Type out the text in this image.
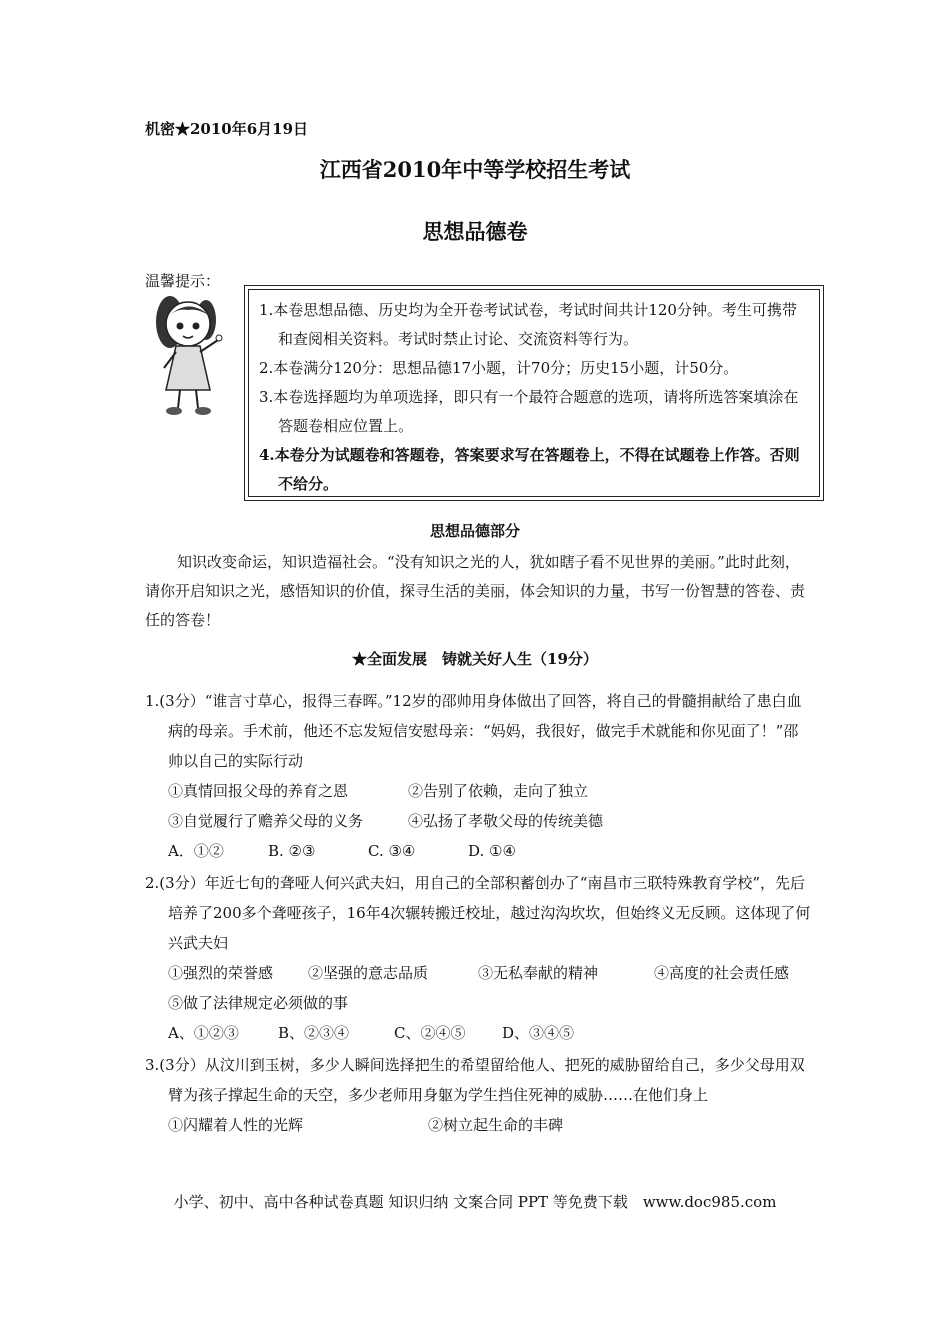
机密★2010年6月19日
江西省2010年中等学校招生考试
思想品德卷
温馨提示：
1.本卷思想品德、历史均为全开卷考试试卷，考试时间共计120分钟。考生可携带和查阅相关资料。考试时禁止讨论、交流资料等行为。
2.本卷满分120分：思想品德17小题，计70分；历史15小题，计50分。
3.本卷选择题均为单项选择，即只有一个最符合题意的选项，请将所选答案填涂在答题卷相应位置上。
4.本卷分为试题卷和答题卷，答案要求写在答题卷上，不得在试题卷上作答。否则不给分。
思想品德部分
知识改变命运，知识造福社会。“没有知识之光的人，犹如瞎子看不见世界的美丽。”此时此刻，请你开启知识之光，感悟知识的价值，探寻生活的美丽，体会知识的力量，书写一份智慧的答卷、责任的答卷！
★全面发展　铸就关好人生（19分）
1.(3分）“谁言寸草心，报得三春晖。”12岁的邵帅用身体做出了回答，将自己的骨髓捐献给了患白血病的母亲。手术前，他还不忘发短信安慰母亲：“妈妈，我很好，做完手术就能和你见面了！”邵帅以自己的实际行动
①真情回报父母的养育之恩	②告别了依赖，走向了独立
③自觉履行了赡养父母的义务	④弘扬了孝敬父母的传统美德
A．①②	B. ②③	C. ③④	D. ①④
2.(3分）年近七旬的聋哑人何兴武夫妇，用自己的全部积蓄创办了“南昌市三联特殊教育学校”，先后培养了200多个聋哑孩子，16年4次辗转搬迁校址，越过沟沟坎坎，但始终义无反顾。这体现了何兴武夫妇
①强烈的荣誉感 ②坚强的意志品质	③无私奉献的精神	④高度的社会责任感
⑤做了法律规定必须做的事
A、①②③	B、②③④	C、②④⑤ D、③④⑤
3.(3分）从汶川到玉树，多少人瞬间选择把生的希望留给他人、把死的威胁留给自己，多少父母用双臂为孩子撑起生命的天空，多少老师用身躯为学生挡住死神的威胁……在他们身上
①闪耀着人性的光辉	②树立起生命的丰碑
小学、初中、高中各种试卷真题 知识归纳 文案合同 PPT 等免费下载　www.doc985.com
